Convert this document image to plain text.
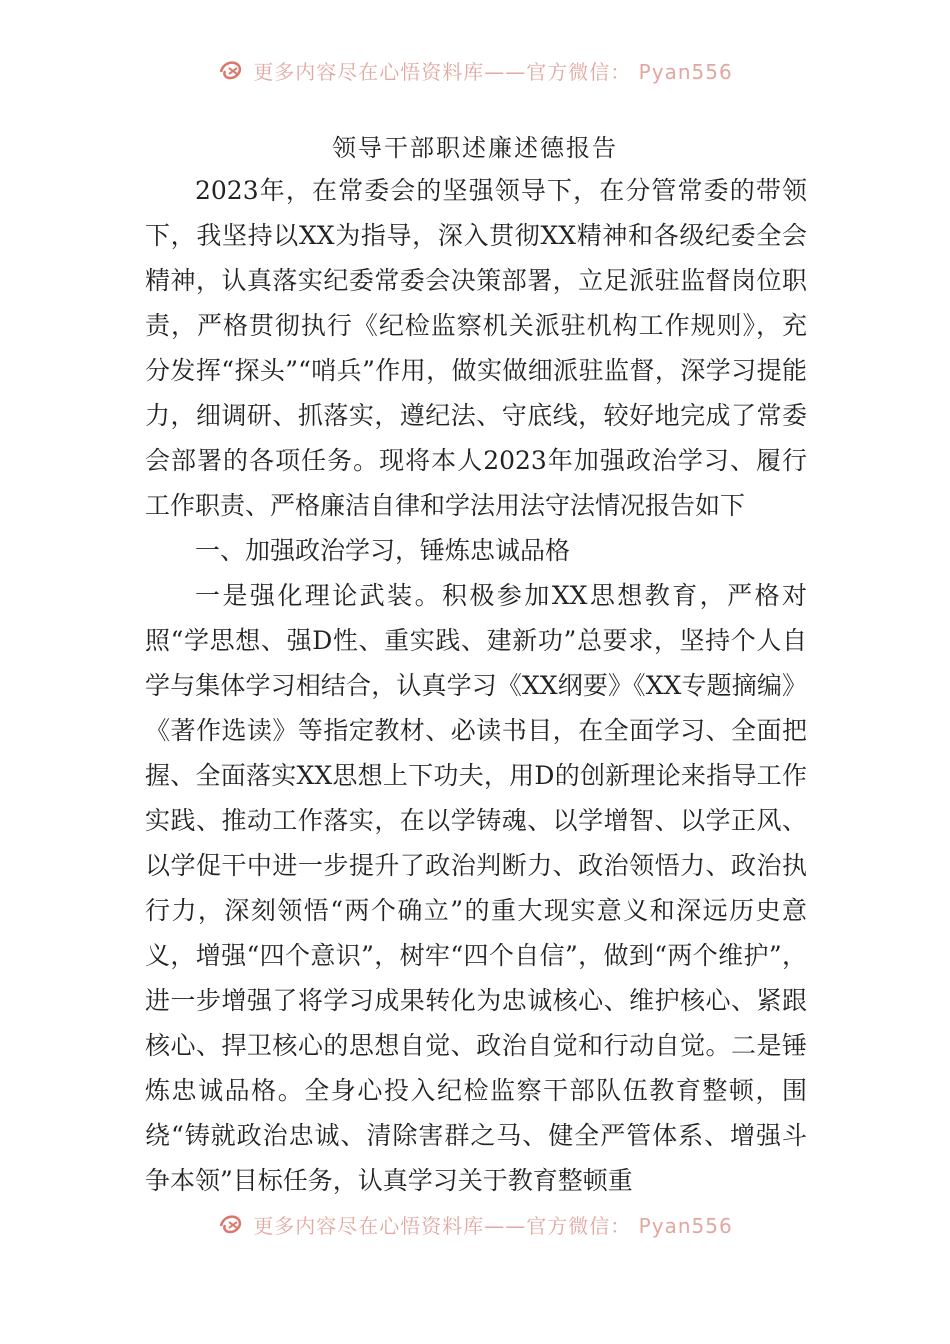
更多内容尽在心悟资料库——官方微信： Pyan556
领导干部职述廉述德报告

2023年，在常委会的坚强领导下，在分管常委的带领下，我坚持以XX为指导，深入贯彻XX精神和各级纪委全会精神，认真落实纪委常委会决策部署，立足派驻监督岗位职责，严格贯彻执行《纪检监察机关派驻机构工作规则》，充分发挥“探头”“哨兵”作用，做实做细派驻监督，深学习提能力，细调研、抓落实，遵纪法、守底线，较好地完成了常委会部署的各项任务。现将本人2023年加强政治学习、履行工作职责、严格廉洁自律和学法用法守法情况报告如下

一、加强政治学习，锤炼忠诚品格

一是强化理论武装。积极参加XX思想教育，严格对照“学思想、强D性、重实践、建新功”总要求，坚持个人自学与集体学习相结合，认真学习《XX纲要》《XX专题摘编》《著作选读》等指定教材、必读书目，在全面学习、全面把握、全面落实XX思想上下功夫，用D的创新理论来指导工作实践、推动工作落实，在以学铸魂、以学增智、以学正风、以学促干中进一步提升了政治判断力、政治领悟力、政治执行力，深刻领悟“两个确立”的重大现实意义和深远历史意义，增强“四个意识”，树牢“四个自信”，做到“两个维护”，进一步增强了将学习成果转化为忠诚核心、维护核心、紧跟核心、捍卫核心的思想自觉、政治自觉和行动自觉。二是锤炼忠诚品格。全身心投入纪检监察干部队伍教育整顿，围绕“铸就政治忠诚、清除害群之马、健全严管体系、增强斗争本领”目标任务，认真学习关于教育整顿重

更多内容尽在心悟资料库——官方微信： Pyan556
